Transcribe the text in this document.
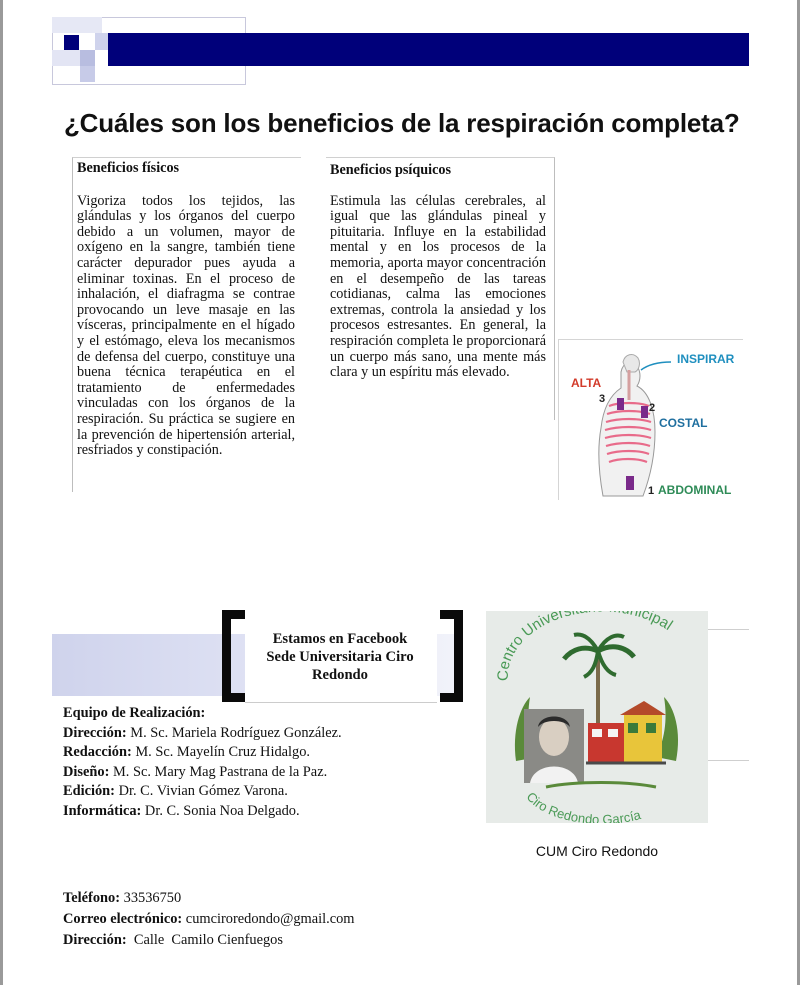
¿Cuáles son los beneficios de la respiración completa?
Beneficios físicos

Vigoriza todos los tejidos, las glándulas y los órganos del cuerpo debido a un volumen, mayor de oxígeno en la sangre, también tiene carácter depurador pues ayuda a eliminar toxinas. En el proceso de inhalación, el diafragma se contrae provocando un leve masaje en las vísceras, principalmente en el hígado y el estómago, eleva los mecanismos de defensa del cuerpo, constituye una buena técnica terapéutica en el tratamiento de enfermedades vinculadas con los órganos de la respiración. Su práctica se sugiere en la prevención de hipertensión arterial, resfriados y constipación.

Beneficios psíquicos

Estimula las células cerebrales, al igual que las glándulas pineal y pituitaria. Influye en la estabilidad mental y en los procesos de la memoria, aporta mayor concentración en el desempeño de las tareas cotidianas, calma las emociones extremas, controla la ansiedad y los procesos estresantes. En general, la respiración completa le proporcionará un cuerpo más sano, una mente más clara y un espíritu más elevado.

INSPIRAR
ALTA
3
2
COSTAL
1 ABDOMINAL
Estamos en Facebook
Sede Universitaria Ciro Redondo
Equipo de Realización:
Dirección: M. Sc. Mariela Rodríguez González.
Redacción: M. Sc. Mayelín Cruz Hidalgo.
Diseño: M. Sc. Mary Mag Pastrana de la Paz.
Edición: Dr. C. Vivian Gómez Varona.
Informática: Dr. C. Sonia Noa Delgado.
Teléfono: 33536750
Correo electrónico: cumciroredondo@gmail.com
Dirección:  Calle  Camilo Cienfuegos
Centro Univers icipal
Ciro Redondo García
CUM Ciro Redondo
